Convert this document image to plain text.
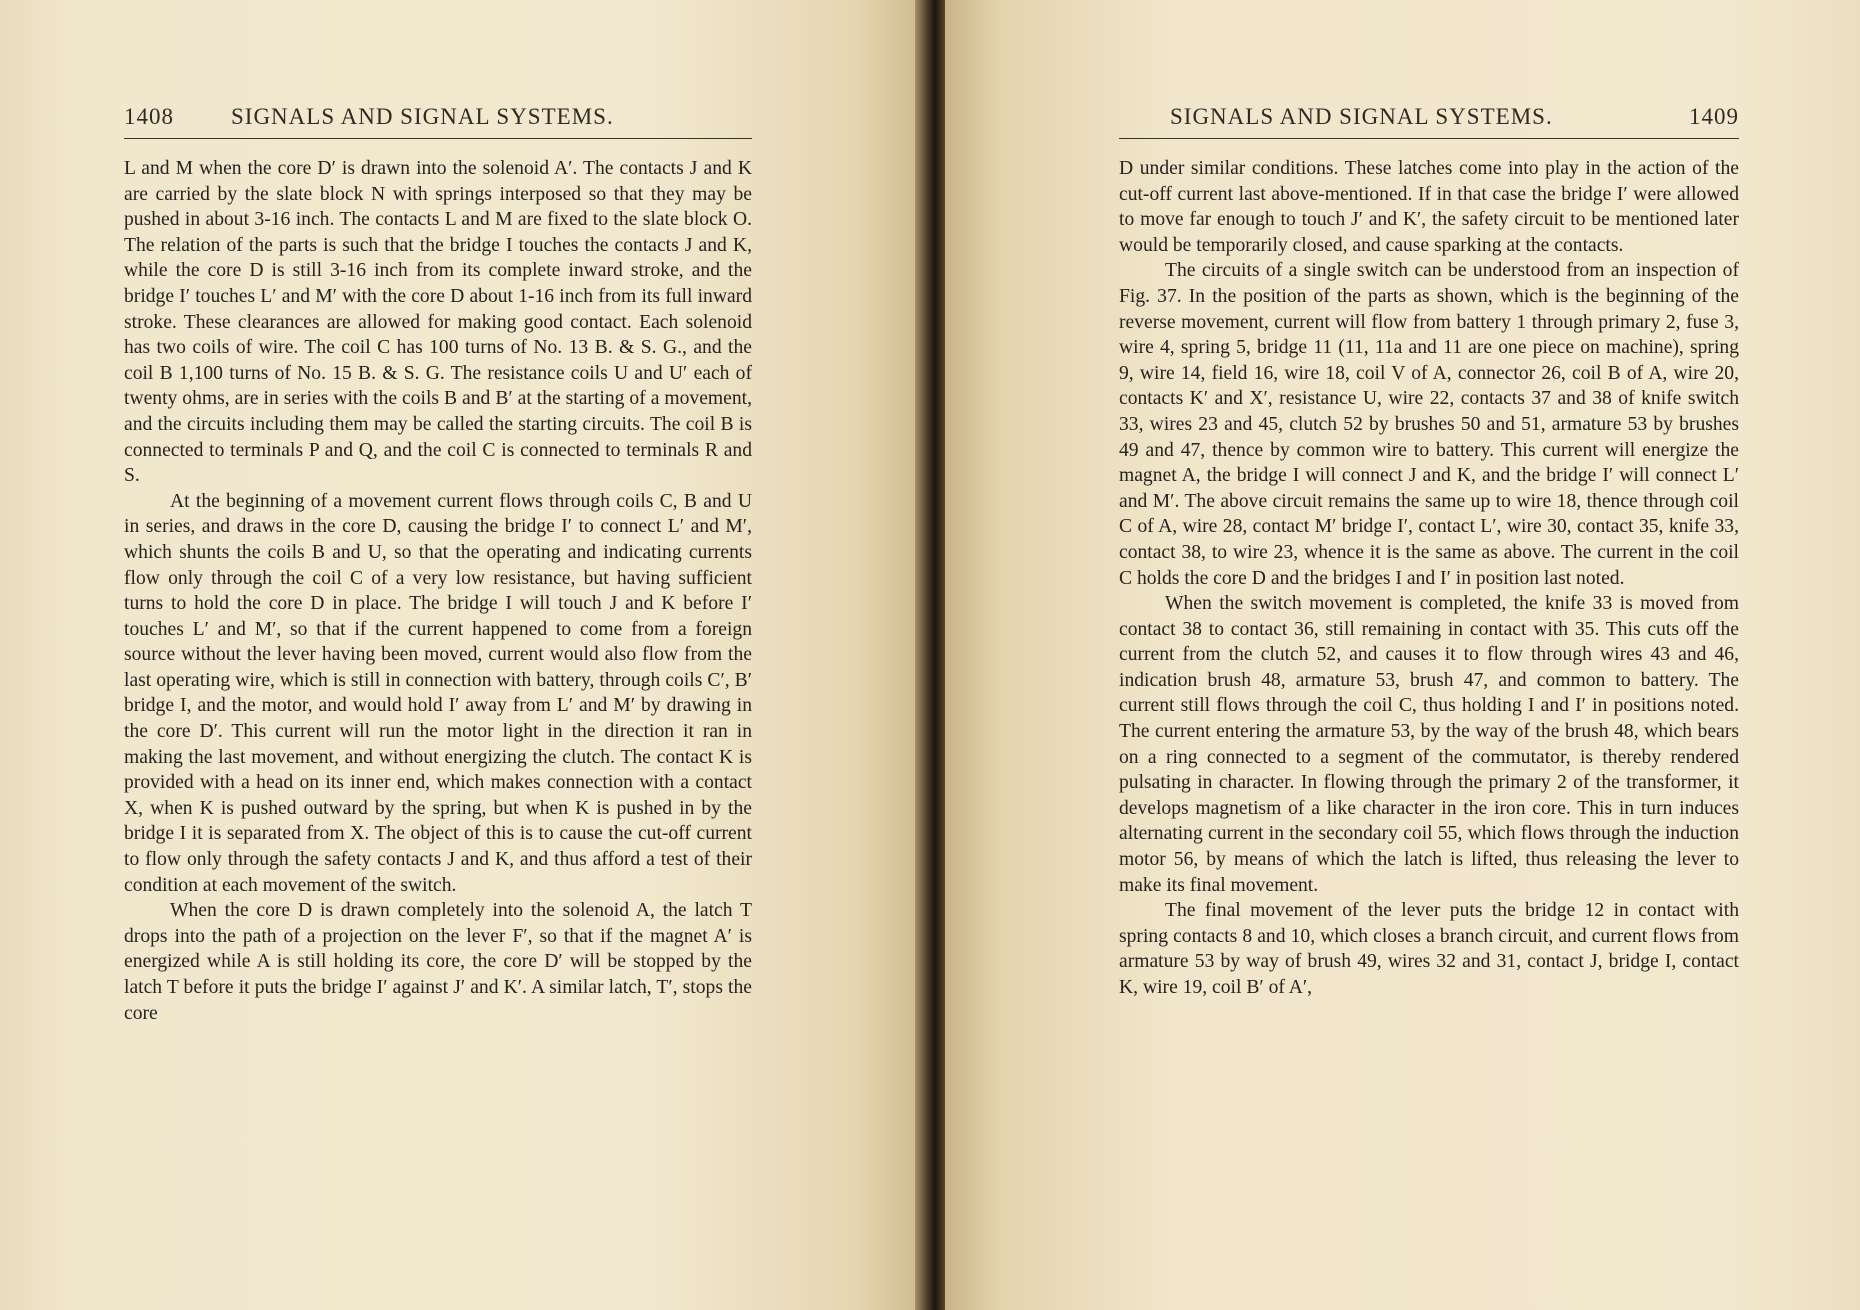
1408 SIGNALS AND SIGNAL SYSTEMS.

L and M when the core D′ is drawn into the solenoid A′. The contacts J and K are carried by the slate block N with springs interposed so that they may be pushed in about 3-16 inch. The contacts L and M are fixed to the slate block O. The relation of the parts is such that the bridge I touches the contacts J and K, while the core D is still 3-16 inch from its complete inward stroke, and the bridge I′ touches L′ and M′ with the core D about 1-16 inch from its full inward stroke. These clearances are allowed for making good contact. Each solenoid has two coils of wire. The coil C has 100 turns of No. 13 B. & S. G., and the coil B 1,100 turns of No. 15 B. & S. G. The resistance coils U and U′ each of twenty ohms, are in series with the coils B and B′ at the starting of a movement, and the circuits including them may be called the starting circuits. The coil B is connected to terminals P and Q, and the coil C is connected to terminals R and S.

At the beginning of a movement current flows through coils C, B and U in series, and draws in the core D, causing the bridge I′ to connect L′ and M′, which shunts the coils B and U, so that the operating and indicating currents flow only through the coil C of a very low resistance, but having sufficient turns to hold the core D in place. The bridge I will touch J and K before I′ touches L′ and M′, so that if the current happened to come from a foreign source without the lever having been moved, current would also flow from the last operating wire, which is still in connection with battery, through coils C′, B′ bridge I, and the motor, and would hold I′ away from L′ and M′ by drawing in the core D′. This current will run the motor light in the direction it ran in making the last movement, and without energizing the clutch. The contact K is provided with a head on its inner end, which makes connection with a contact X, when K is pushed outward by the spring, but when K is pushed in by the bridge I it is separated from X. The object of this is to cause the cut-off current to flow only through the safety contacts J and K, and thus afford a test of their condition at each movement of the switch.

When the core D is drawn completely into the solenoid A, the latch T drops into the path of a projection on the lever F′, so that if the magnet A′ is energized while A is still holding its core, the core D′ will be stopped by the latch T before it puts the bridge I′ against J′ and K′. A similar latch, T′, stops the core

SIGNALS AND SIGNAL SYSTEMS.	1409

D under similar conditions. These latches come into play in the action of the cut-off current last above-mentioned. If in that case the bridge I′ were allowed to move far enough to touch J′ and K′, the safety circuit to be mentioned later would be temporarily closed, and cause sparking at the contacts.

The circuits of a single switch can be understood from an inspection of Fig. 37. In the position of the parts as shown, which is the beginning of the reverse movement, current will flow from battery 1 through primary 2, fuse 3, wire 4, spring 5, bridge 11 (11, 11a and 11 are one piece on machine), spring 9, wire 14, field 16, wire 18, coil V of A, connector 26, coil B of A, wire 20, contacts K′ and X′, resistance U, wire 22, contacts 37 and 38 of knife switch 33, wires 23 and 45, clutch 52 by brushes 50 and 51, armature 53 by brushes 49 and 47, thence by common wire to battery. This current will energize the magnet A, the bridge I will connect J and K, and the bridge I′ will connect L′ and M′. The above circuit remains the same up to wire 18, thence through coil C of A, wire 28, contact M′ bridge I′, contact L′, wire 30, contact 35, knife 33, contact 38, to wire 23, whence it is the same as above. The current in the coil C holds the core D and the bridges I and I′ in position last noted.

When the switch movement is completed, the knife 33 is moved from contact 38 to contact 36, still remaining in contact with 35. This cuts off the current from the clutch 52, and causes it to flow through wires 43 and 46, indication brush 48, armature 53, brush 47, and common to battery. The current still flows through the coil C, thus holding I and I′ in positions noted. The current entering the armature 53, by the way of the brush 48, which bears on a ring connected to a segment of the commutator, is thereby rendered pulsating in character. In flowing through the primary 2 of the transformer, it develops magnetism of a like character in the iron core. This in turn induces alternating current in the secondary coil 55, which flows through the induction motor 56, by means of which the latch is lifted, thus releasing the lever to make its final movement.

The final movement of the lever puts the bridge 12 in contact with spring contacts 8 and 10, which closes a branch circuit, and current flows from armature 53 by way of brush 49, wires 32 and 31, contact J, bridge I, contact K, wire 19, coil B′ of A′,
